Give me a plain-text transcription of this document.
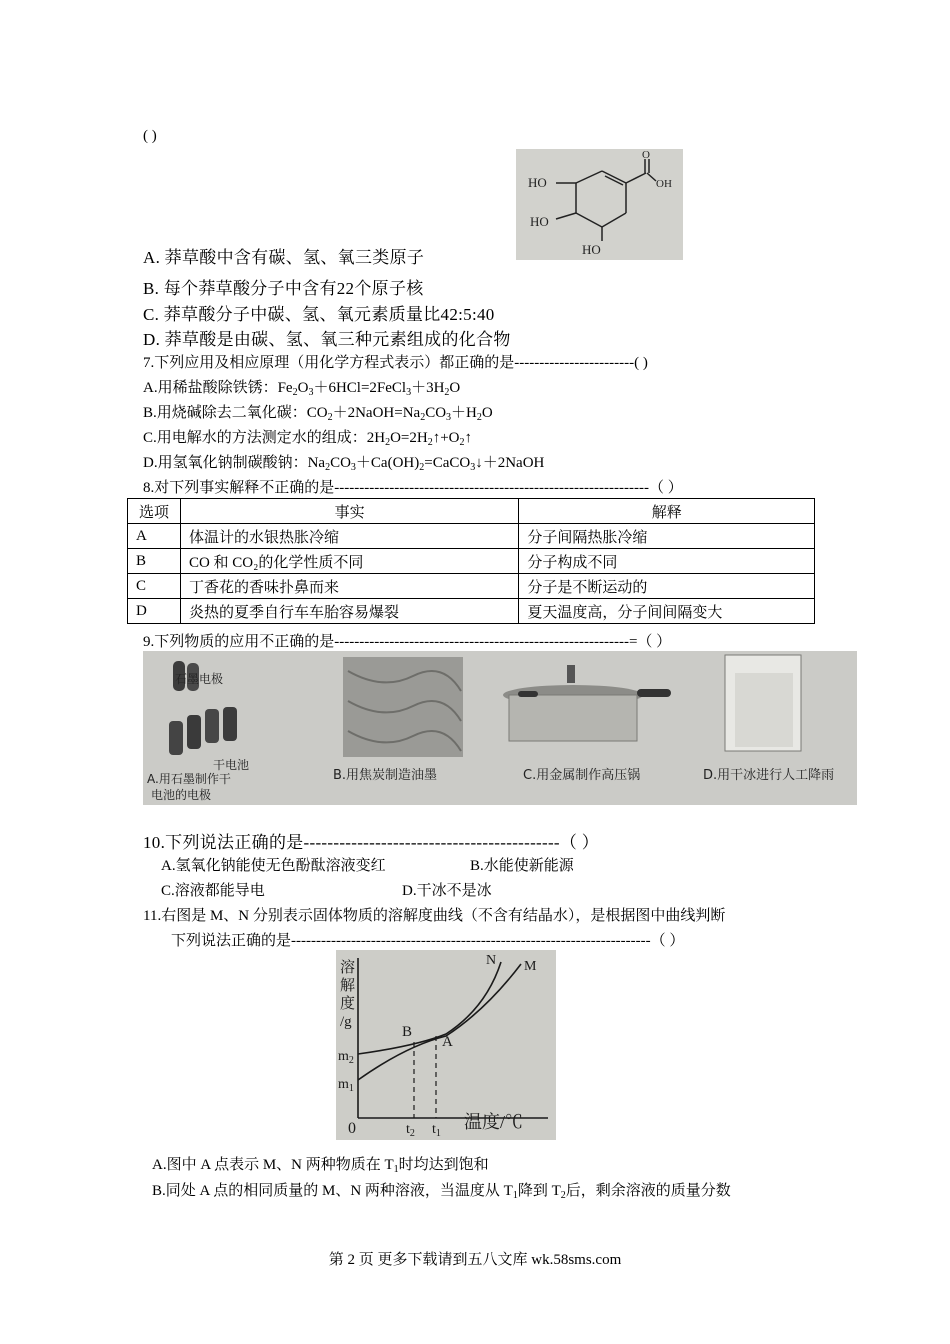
( )
O
OH
HO
HO
HO
A. 莽草酸中含有碳、氢、氧三类原子
B. 每个莽草酸分子中含有22个原子核
C. 莽草酸分子中碳、氢、氧元素质量比42:5:40
D. 莽草酸是由碳、氢、氧三种元素组成的化合物
7.下列应用及相应原理（用化学方程式表示）都正确的是------------------------( )
A.用稀盐酸除铁锈：$Fe_2O_3+6HCl=2FeCl_3+3H_2O$
B.用烧碱除去二氧化碳：$CO_2+2NaOH=Na_2CO_3+H_2O$
C.用电解水的方法测定水的组成：$2H_2O=2H_2↑+O_2↑$
D.用氢氧化钠制碳酸钠：$Na_2CO_3+Ca(OH)_2=CaCO_3↓+2NaOH$
8.对下列事实解释不正确的是---------------------------------------------------------------（ ）
选项	事实	解释
A	体温计的水银热胀冷缩	分子间隔热胀冷缩
B	CO 和 CO₂的化学性质不同	分子构成不同
C	丁香花的香味扑鼻而来	分子是不断运动的
D	炎热的夏季自行车车胎容易爆裂	夏天温度高，分子间间隔变大
9.下列物质的应用不正确的是-----------------------------------------------------------=（ ）
石墨电极
干电池
A.用石墨制作干
电池的电极
B.用焦炭制造油墨	C.用金属制作高压锅	D.用干冰进行人工降雨
10.下列说法正确的是-------------------------------------------（ ）
A.氢氧化钠能使无色酚酞溶液变红	B.水能使新能源
C.溶液都能导电	D.干冰不是冰
11.右图是 M、N 分别表示固体物质的溶解度曲线（不含有结晶水），是根据图中曲线判断
下列说法正确的是------------------------------------------------------------------------（ ）
溶
解
度
/g
N M
B
A
$m_2$
$m_1$
0	$t_2$ $t_1$
温度/℃
A.图中 A 点表示 M、N 两种物质在 $T_1$时均达到饱和
B.同处 A 点的相同质量的 M、N 两种溶液，当温度从 $T_1$降到 $T_2$后，剩余溶液的质量分数
第 2 页 更多下载请到五八文库 wk.58sms.com
